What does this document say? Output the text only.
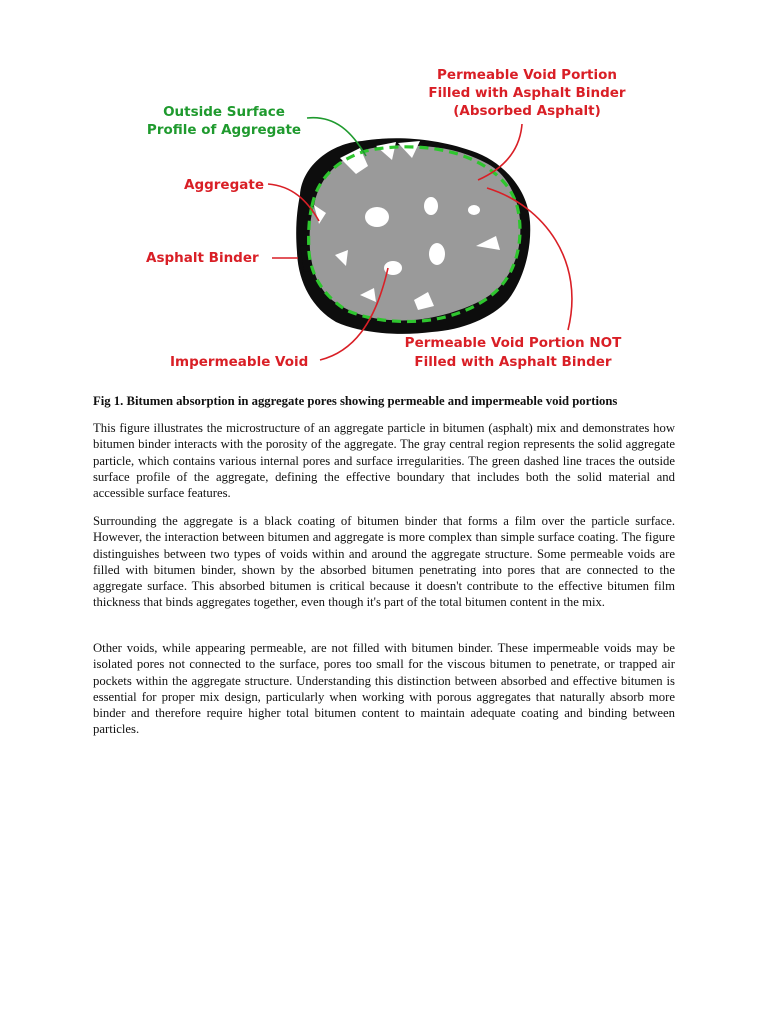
Outside Surface
Profile of Aggregate
Aggregate
Asphalt Binder
Impermeable Void
Permeable Void Portion
Filled with Asphalt Binder
(Absorbed Asphalt)
Permeable Void Portion NOT
Filled with Asphalt Binder
Fig 1. Bitumen absorption in aggregate pores showing permeable and impermeable void portions

This figure illustrates the microstructure of an aggregate particle in bitumen (asphalt) mix and demonstrates how bitumen binder interacts with the porosity of the aggregate. The gray central region represents the solid aggregate particle, which contains various internal pores and surface irregularities. The green dashed line traces the outside surface profile of the aggregate, defining the effective boundary that includes both the solid material and accessible surface features.

Surrounding the aggregate is a black coating of bitumen binder that forms a film over the particle surface. However, the interaction between bitumen and aggregate is more complex than simple surface coating. The figure distinguishes between two types of voids within and around the aggregate structure. Some permeable voids are filled with bitumen binder, shown by the absorbed bitumen penetrating into pores that are connected to the aggregate surface. This absorbed bitumen is critical because it doesn't contribute to the effective bitumen film thickness that binds aggregates together, even though it's part of the total bitumen content in the mix.

Other voids, while appearing permeable, are not filled with bitumen binder. These impermeable voids may be isolated pores not connected to the surface, pores too small for the viscous bitumen to penetrate, or trapped air pockets within the aggregate structure. Understanding this distinction between absorbed and effective bitumen is essential for proper mix design, particularly when working with porous aggregates that naturally absorb more binder and therefore require higher total bitumen content to maintain adequate coating and binding between particles.
